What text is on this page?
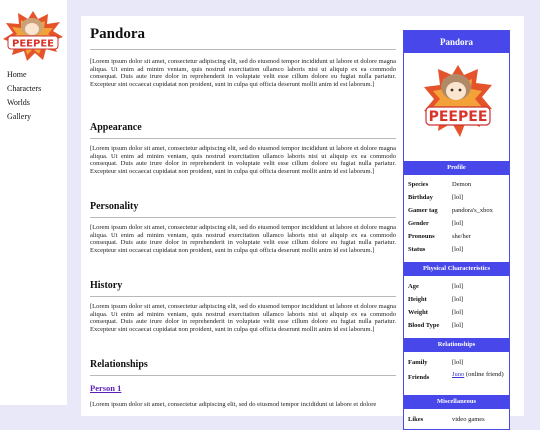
PEEPEE
Home
Characters
Worlds
Gallery
Pandora

[Lorem ipsum dolor sit amet, consectetur adipiscing elit, sed do eiusmod tempor incididunt ut labore et dolore magna aliqua. Ut enim ad minim veniam, quis nostrud exercitation ullamco laboris nisi ut aliquip ex ea commodo consequat. Duis aute irure dolor in reprehenderit in voluptate velit esse cillum dolore eu fugiat nulla pariatur. Excepteur sint occaecat cupidatat non proident, sunt in culpa qui officia deserunt mollit anim id est laborum.]

Appearance

[Lorem ipsum dolor sit amet, consectetur adipiscing elit, sed do eiusmod tempor incididunt ut labore et dolore magna aliqua. Ut enim ad minim veniam, quis nostrud exercitation ullamco laboris nisi ut aliquip ex ea commodo consequat. Duis aute irure dolor in reprehenderit in voluptate velit esse cillum dolore eu fugiat nulla pariatur. Excepteur sint occaecat cupidatat non proident, sunt in culpa qui officia deserunt mollit anim id est laborum.]

Personality

[Lorem ipsum dolor sit amet, consectetur adipiscing elit, sed do eiusmod tempor incididunt ut labore et dolore magna aliqua. Ut enim ad minim veniam, quis nostrud exercitation ullamco laboris nisi ut aliquip ex ea commodo consequat. Duis aute irure dolor in reprehenderit in voluptate velit esse cillum dolore eu fugiat nulla pariatur. Excepteur sint occaecat cupidatat non proident, sunt in culpa qui officia deserunt mollit anim id est laborum.]

History

[Lorem ipsum dolor sit amet, consectetur adipiscing elit, sed do eiusmod tempor incididunt ut labore et dolore magna aliqua. Ut enim ad minim veniam, quis nostrud exercitation ullamco laboris nisi ut aliquip ex ea commodo consequat. Duis aute irure dolor in reprehenderit in voluptate velit esse cillum dolore eu fugiat nulla pariatur. Excepteur sint occaecat cupidatat non proident, sunt in culpa qui officia deserunt mollit anim id est laborum.]

Relationships
Person 1

[Lorem ipsum dolor sit amet, consectetur adipiscing elit, sed do eiusmod tempor incididunt ut labore et dolore

Pandora
PEEPEE
Profile
Species	Demon
Birthday	[lol]
Gamer tag	pandora's_xbox
Gender	[lol]
Pronouns	she/her
Status	[lol]
Physical Characteristics
Age	[lol]
Height	[lol]
Weight	[lol]
Blood Type	[lol]
Relationships
Family	[lol]
Friends	Juno (online friend)
Miscellaneous
Likes	video games
